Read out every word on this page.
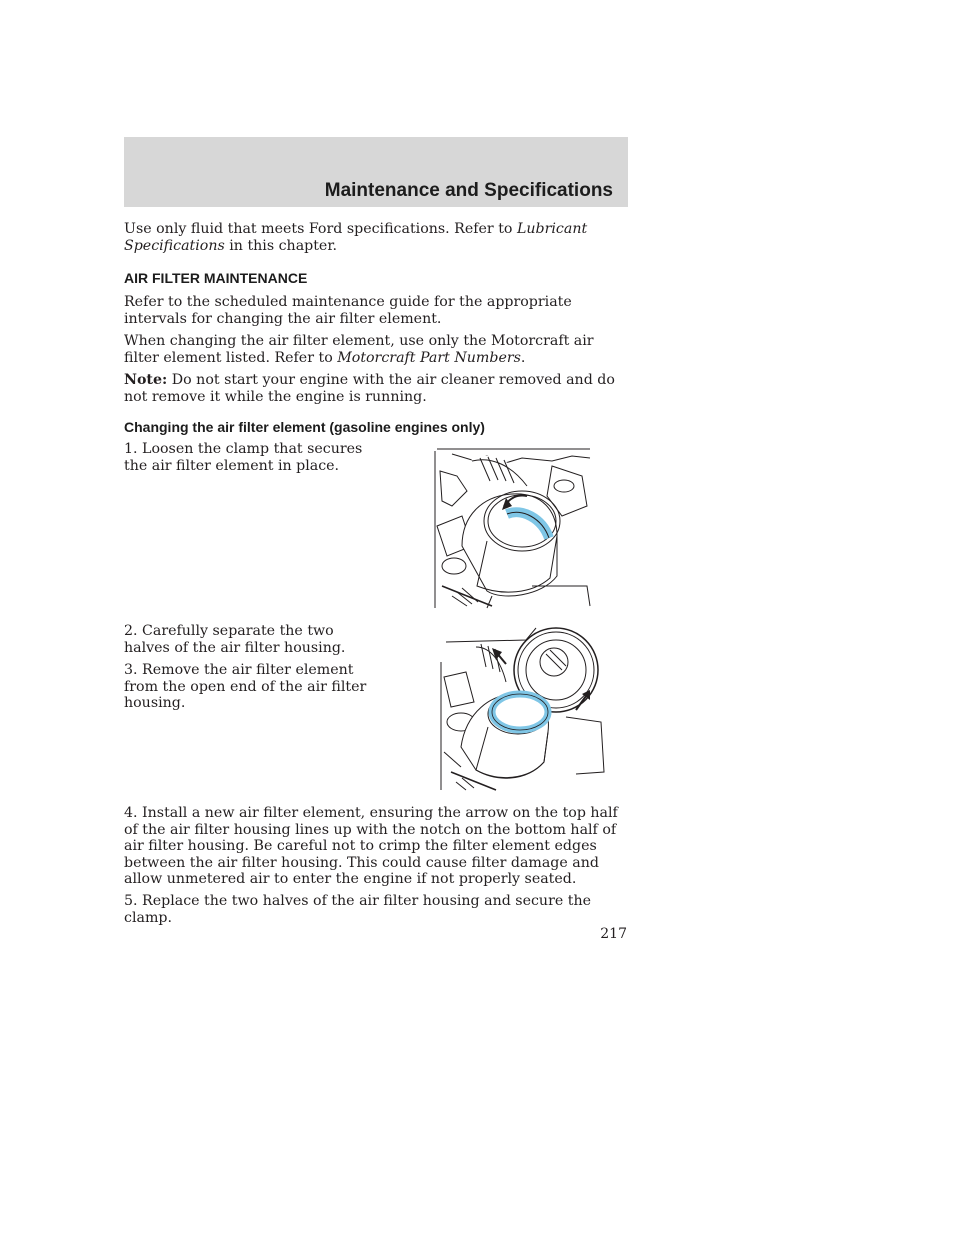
Maintenance and Specifications

Use only fluid that meets Ford specifications. Refer to Lubricant Specifications in this chapter.

AIR FILTER MAINTENANCE

Refer to the scheduled maintenance guide for the appropriate intervals for changing the air filter element.

When changing the air filter element, use only the Motorcraft air filter element listed. Refer to Motorcraft Part Numbers.

Note: Do not start your engine with the air cleaner removed and do not remove it while the engine is running.

Changing the air filter element (gasoline engines only)

1. Loosen the clamp that secures the air filter element in place.

2. Carefully separate the two halves of the air filter housing.

3. Remove the air filter element from the open end of the air filter housing.

4. Install a new air filter element, ensuring the arrow on the top half of the air filter housing lines up with the notch on the bottom half of air filter housing. Be careful not to crimp the filter element edges between the air filter housing. This could cause filter damage and allow unmetered air to enter the engine if not properly seated.

5. Replace the two halves of the air filter housing and secure the clamp.

217
